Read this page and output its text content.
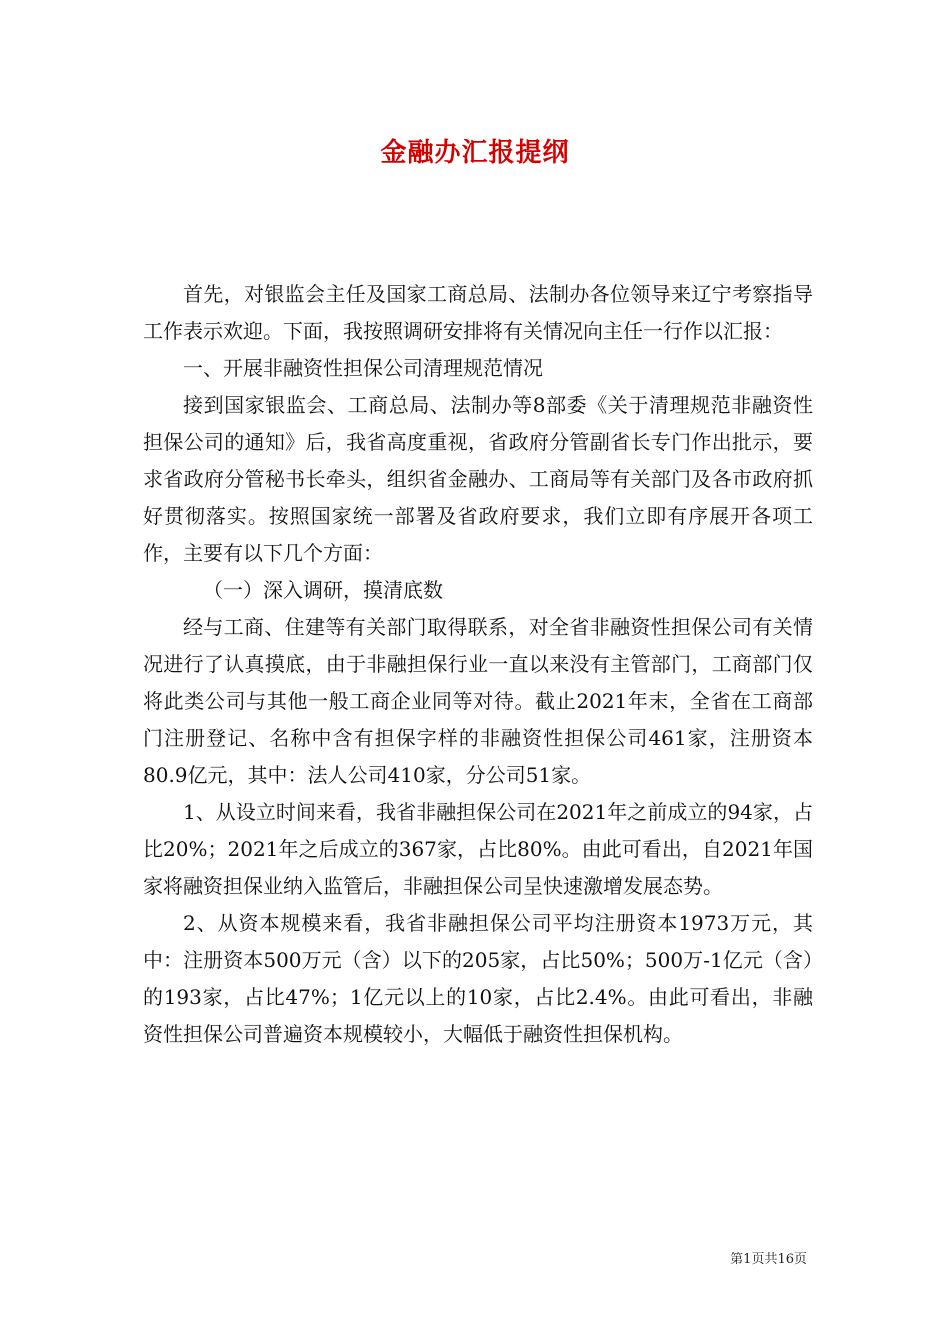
金融办汇报提纲

首先，对银监会主任及国家工商总局、法制办各位领导来辽宁考察指导工作表示欢迎。下面，我按照调研安排将有关情况向主任一行作以汇报：

一、开展非融资性担保公司清理规范情况

接到国家银监会、工商总局、法制办等8部委《关于清理规范非融资性担保公司的通知》后，我省高度重视，省政府分管副省长专门作出批示，要求省政府分管秘书长牵头，组织省金融办、工商局等有关部门及各市政府抓好贯彻落实。按照国家统一部署及省政府要求，我们立即有序展开各项工作，主要有以下几个方面：

（一）深入调研，摸清底数

经与工商、住建等有关部门取得联系，对全省非融资性担保公司有关情况进行了认真摸底，由于非融担保行业一直以来没有主管部门，工商部门仅将此类公司与其他一般工商企业同等对待。截止2021年末，全省在工商部门注册登记、名称中含有担保字样的非融资性担保公司461家，注册资本80.9亿元，其中：法人公司410家，分公司51家。

1、从设立时间来看，我省非融担保公司在2021年之前成立的94家，占比20%；2021年之后成立的367家，占比80%。由此可看出，自2021年国家将融资担保业纳入监管后，非融担保公司呈快速激增发展态势。

2、从资本规模来看，我省非融担保公司平均注册资本1973万元，其中：注册资本500万元（含）以下的205家，占比50%；500万-1亿元（含）的193家，占比47%；1亿元以上的10家，占比2.4%。由此可看出，非融资性担保公司普遍资本规模较小，大幅低于融资性担保机构。

第1页共16页
